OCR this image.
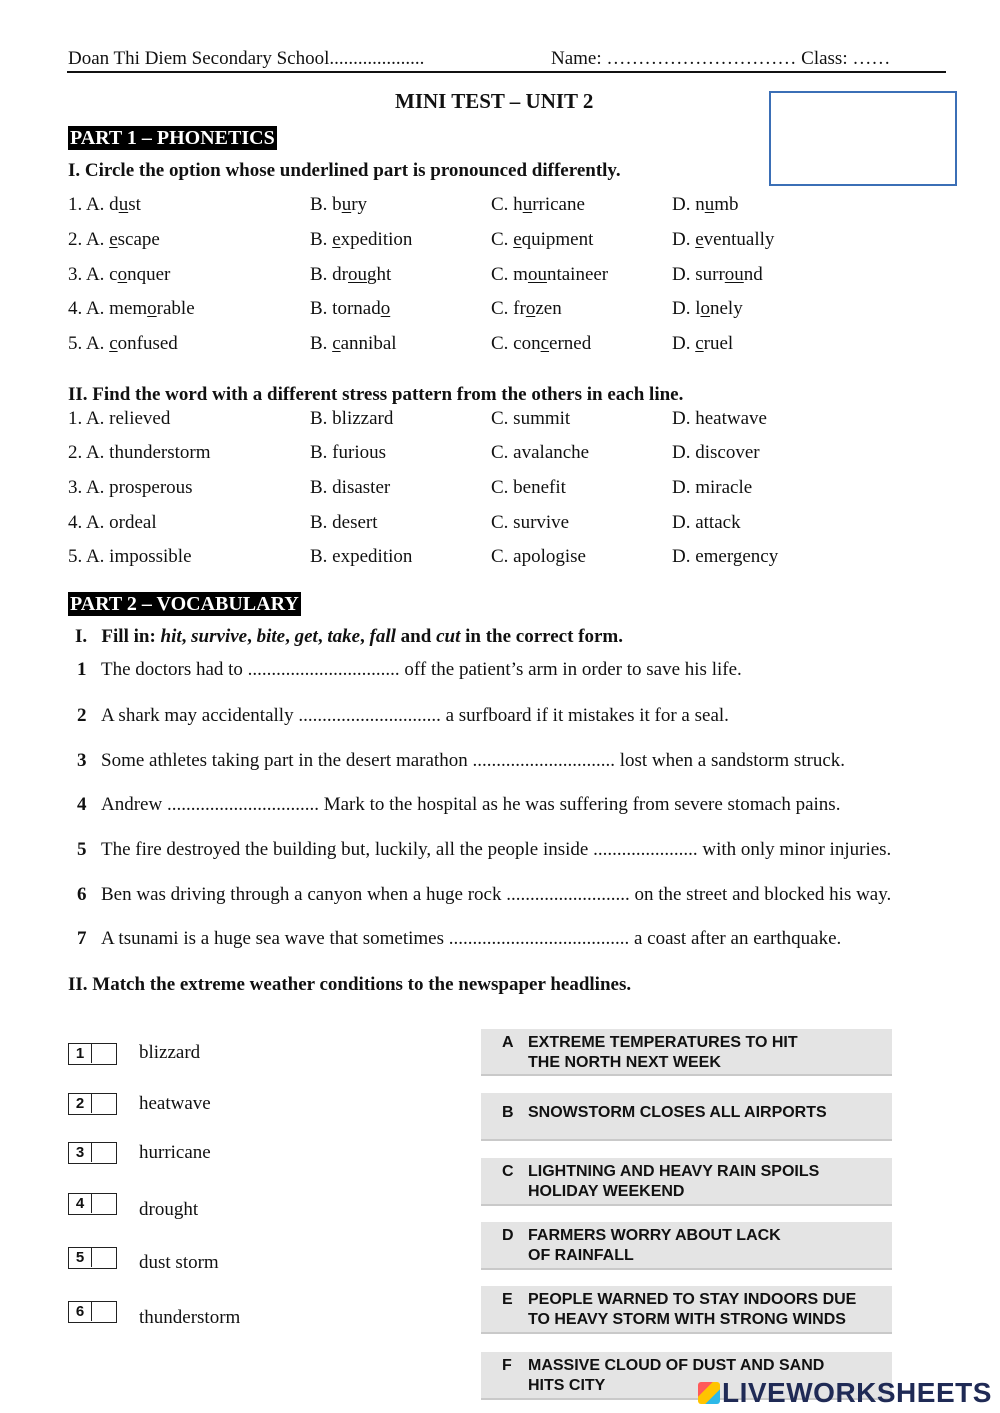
Doan Thi Diem Secondary School....................	Name: ………………………… Class: ……
MINI TEST – UNIT 2
PART 1 – PHONETICS
I. Circle the option whose underlined part is pronounced differently.
1. A. dust	B. bury	C. hurricane	D. numb
2. A. escape	B. expedition	C. equipment	D. eventually
3. A. conquer	B. drought	C. mountaineer	D. surround
4. A. memorable	B. tornado	C. frozen	D. lonely
5. A. confused	B. cannibal	C. concerned	D. cruel
II. Find the word with a different stress pattern from the others in each line.
1. A. relieved	B. blizzard	C. summit	D. heatwave
2. A. thunderstorm	B. furious	C. avalanche	D. discover
3. A. prosperous	B. disaster	C. benefit	D. miracle
4. A. ordeal	B. desert	C. survive	D. attack
5. A. impossible	B. expedition	C. apologise	D. emergency
PART 2 – VOCABULARY
I. Fill in: hit, survive, bite, get, take, fall and cut in the correct form.
1 The doctors had to ................................ off the patient’s arm in order to save his life.
2 A shark may accidentally .............................. a surfboard if it mistakes it for a seal.
3 Some athletes taking part in the desert marathon .............................. lost when a sandstorm struck.
4 Andrew ................................ Mark to the hospital as he was suffering from severe stomach pains.
5 The fire destroyed the building but, luckily, all the people inside ...................... with only minor injuries.
6 Ben was driving through a canyon when a huge rock .......................... on the street and blocked his way.
7 A tsunami is a huge sea wave that sometimes ...................................... a coast after an earthquake.
II. Match the extreme weather conditions to the newspaper headlines.
1	blizzard
2	heatwave
3	hurricane
4	drought
5	dust storm
6	thunderstorm
A EXTREME TEMPERATURES TO HIT
THE NORTH NEXT WEEK
B SNOWSTORM CLOSES ALL AIRPORTS
C LIGHTNING AND HEAVY RAIN SPOILS
HOLIDAY WEEKEND
D FARMERS WORRY ABOUT LACK
OF RAINFALL
E PEOPLE WARNED TO STAY INDOORS DUE
TO HEAVY STORM WITH STRONG WINDS
F MASSIVE CLOUD OF DUST AND SAND
HITS CITY	LIVEWORKSHEETS
